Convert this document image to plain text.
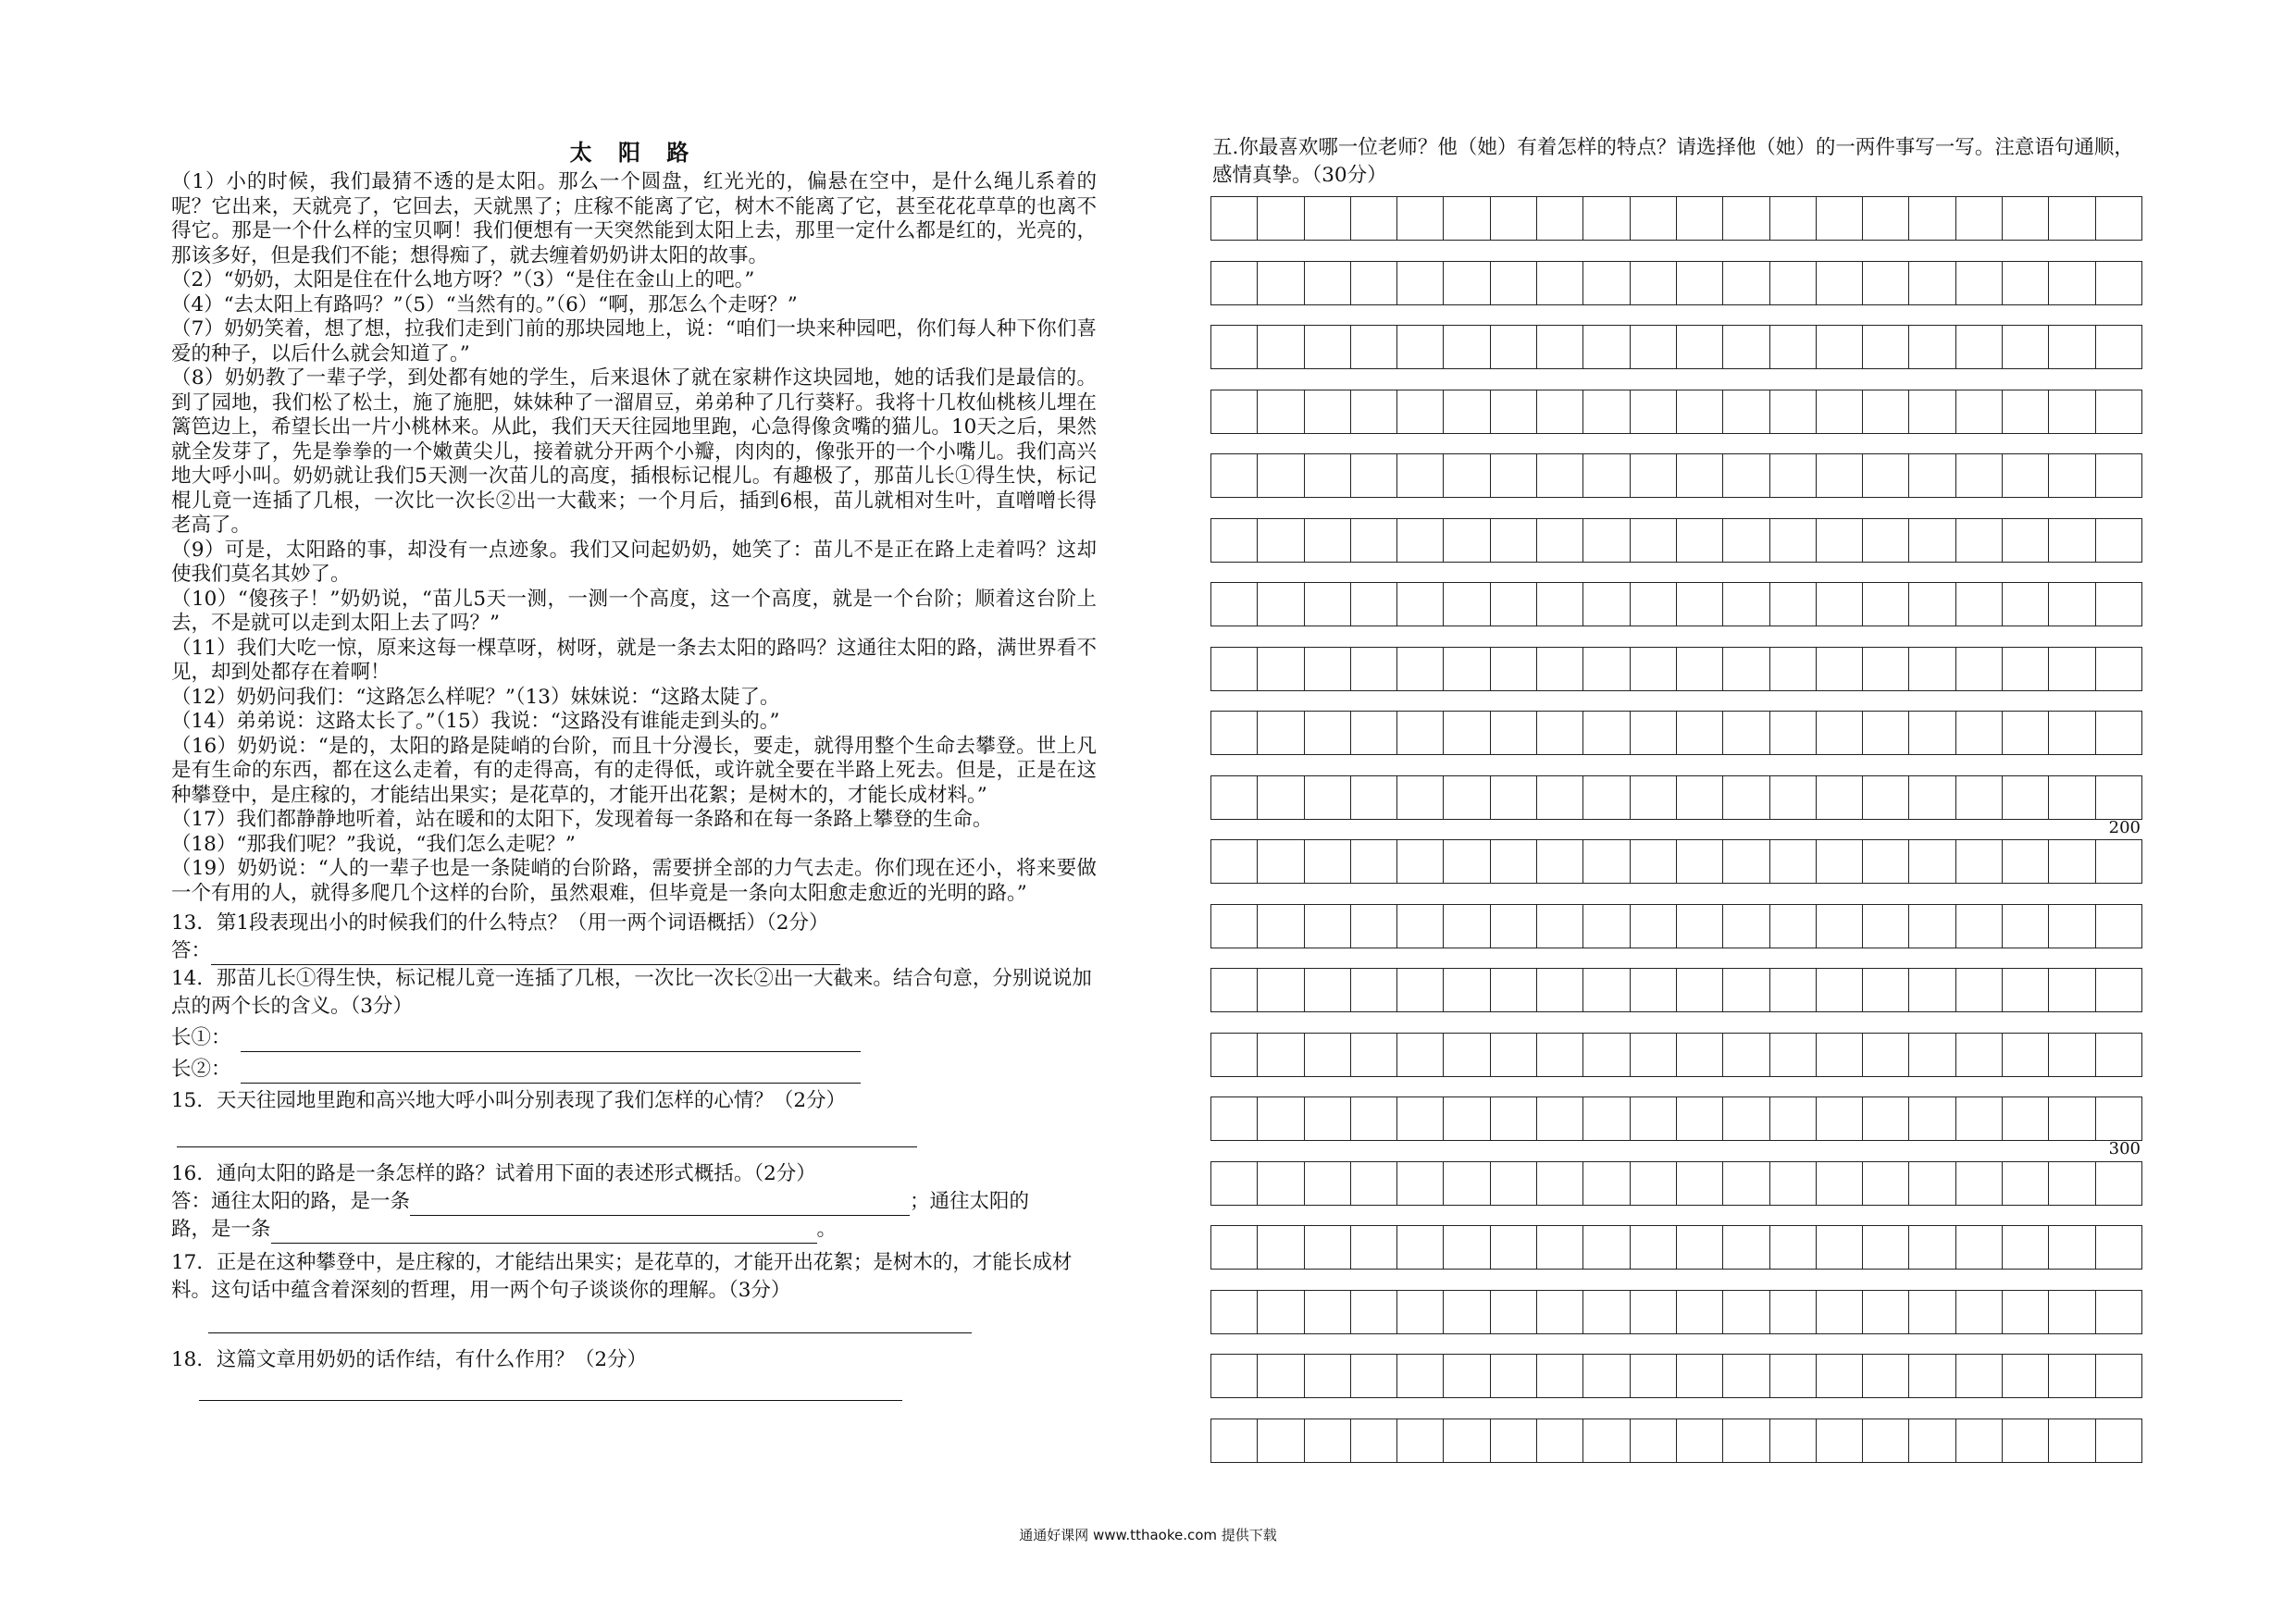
太 阳 路

（1）小的时候，我们最猜不透的是太阳。那么一个圆盘，红光光的，偏悬在空中，是什么绳儿系着的呢？它出来，天就亮了，它回去，天就黑了；庄稼不能离了它，树木不能离了它，甚至花花草草的也离不得它。那是一个什么样的宝贝啊！我们便想有一天突然能到太阳上去，那里一定什么都是红的，光亮的，那该多好，但是我们不能；想得痴了，就去缠着奶奶讲太阳的故事。

（2）“奶奶，太阳是住在什么地方呀？”（3）“是住在金山上的吧。”

（4）“去太阳上有路吗？”（5）“当然有的。”（6）“啊，那怎么个走呀？”

（7）奶奶笑着，想了想，拉我们走到门前的那块园地上，说：“咱们一块来种园吧，你们每人种下你们喜爱的种子，以后什么就会知道了。”

（8）奶奶教了一辈子学，到处都有她的学生，后来退休了就在家耕作这块园地，她的话我们是最信的。到了园地，我们松了松土，施了施肥，妹妹种了一溜眉豆，弟弟种了几行葵籽。我将十几枚仙桃核儿埋在篱笆边上，希望长出一片小桃林来。从此，我们天天往园地里跑，心急得像贪嘴的猫儿。10天之后，果然就全发芽了，先是拳拳的一个嫩黄尖儿，接着就分开两个小瓣，肉肉的，像张开的一个小嘴儿。我们高兴地大呼小叫。奶奶就让我们5天测一次苗儿的高度，插根标记棍儿。有趣极了，那苗儿长①得生快，标记棍儿竟一连插了几根，一次比一次长②出一大截来；一个月后，插到6根，苗儿就相对生叶，直噌噌长得老高了。

（9）可是，太阳路的事，却没有一点迹象。我们又问起奶奶，她笑了：苗儿不是正在路上走着吗？这却使我们莫名其妙了。

（10）“傻孩子！”奶奶说，“苗儿5天一测，一测一个高度，这一个高度，就是一个台阶；顺着这台阶上去，不是就可以走到太阳上去了吗？”

（11）我们大吃一惊，原来这每一棵草呀，树呀，就是一条去太阳的路吗？这通往太阳的路，满世界看不见，却到处都存在着啊！

（12）奶奶问我们：“这路怎么样呢？”（13）妹妹说：“这路太陡了。

（14）弟弟说：这路太长了。”（15）我说：“这路没有谁能走到头的。”

（16）奶奶说：“是的，太阳的路是陡峭的台阶，而且十分漫长，要走，就得用整个生命去攀登。世上凡是有生命的东西，都在这么走着，有的走得高，有的走得低，或许就全要在半路上死去。但是，正是在这种攀登中，是庄稼的，才能结出果实；是花草的，才能开出花絮；是树木的，才能长成材料。”

（17）我们都静静地听着，站在暖和的太阳下，发现着每一条路和在每一条路上攀登的生命。

（18）“那我们呢？”我说，“我们怎么走呢？”

（19）奶奶说：“人的一辈子也是一条陡峭的台阶路，需要拼全部的力气去走。你们现在还小，将来要做一个有用的人，就得多爬几个这样的台阶，虽然艰难，但毕竟是一条向太阳愈走愈近的光明的路。”

13．第1段表现出小的时候我们的什么特点？（用一两个词语概括）（2分）

答：

14．那苗儿长①得生快，标记棍儿竟一连插了几根，一次比一次长②出一大截来。结合句意，分别说说加点的两个长的含义。（3分）

长①：

长②：

15．天天往园地里跑和高兴地大呼小叫分别表现了我们怎样的心情？（2分）

16．通向太阳的路是一条怎样的路？试着用下面的表述形式概括。（2分）

答：通往太阳的路，是一条	；通往太阳的

路，是一条	。

17．正是在这种攀登中，是庄稼的，才能结出果实；是花草的，才能开出花絮；是树木的，才能长成材料。这句话中蕴含着深刻的哲理，用一两个句子谈谈你的理解。（3分）

18．这篇文章用奶奶的话作结，有什么作用？（2分）

五.你最喜欢哪一位老师？他（她）有着怎样的特点？请选择他（她）的一两件事写一写。注意语句通顺，感情真挚。（30分）

200
300
通通好课网 www.tthaoke.com 提供下载
